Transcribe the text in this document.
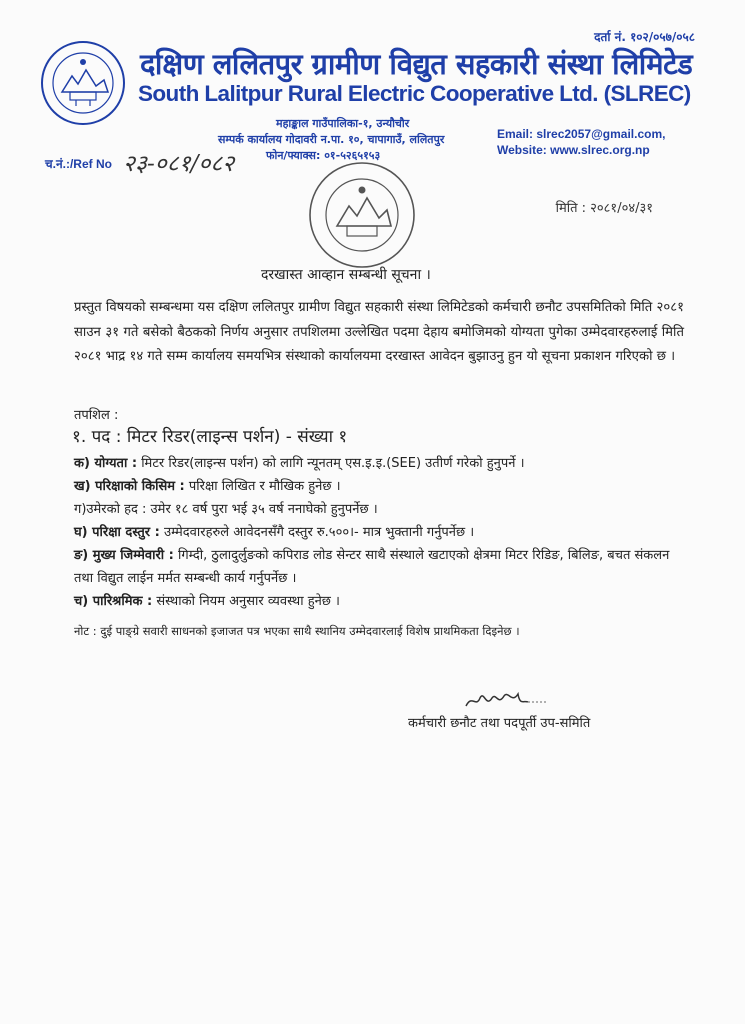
दर्ता नं. १०२/०५७/०५८
दक्षिण ललितपुर ग्रामीण विद्युत सहकारी संस्था लिमिटेड
South Lalitpur Rural Electric Cooperative Ltd. (SLREC)
महाङ्काल गाउँपालिका-१, उन्यौचौर
सम्पर्क कार्यालय गोदावरी न.पा. १०, चापागाउँ, ललितपुर
फोन/फ्याक्स: ०१-५२६५१५३
Email: slrec2057@gmail.com,
Website: www.slrec.org.np
च.नं.:/Ref No २३-०८१/०८२
मिति : २०८१/०४/३१
दरखास्त आव्हान सम्बन्धी सूचना ।
प्रस्तुत विषयको सम्बन्धमा यस दक्षिण ललितपुर ग्रामीण विद्युत सहकारी संस्था लिमिटेडको कर्मचारी छनौट उपसमितिको मिति २०८१ साउन ३१ गते बसेको बैठकको निर्णय अनुसार तपशिलमा उल्लेखित पदमा देहाय बमोजिमको योग्यता पुगेका उम्मेदवारहरुलाई मिति २०८१ भाद्र १४ गते सम्म कार्यालय समयभित्र संस्थाको कार्यालयमा दरखास्त आवेदन बुझाउनु हुन यो सूचना प्रकाशन गरिएको छ ।
तपशिल :
१. पद : मिटर रिडर(लाइन्स पर्शन) - संख्या १
क) योग्यता : मिटर रिडर(लाइन्स पर्शन) को लागि न्यूनतम् एस.इ.इ.(SEE) उतीर्ण गरेको हुनुपर्ने ।
ख) परिक्षाको किसिम : परिक्षा लिखित र मौखिक हुनेछ ।
ग)उमेरको हद : उमेर १८ वर्ष पुरा भई ३५ वर्ष ननाघेको हुनुपर्नेछ ।
घ) परिक्षा दस्तुर : उम्मेदवारहरुले आवेदनसँगै दस्तुर रु.५००।- मात्र भुक्तानी गर्नुपर्नेछ ।
ङ) मुख्य जिम्मेवारी : गिम्दी, ठुलादुर्लुङको कपिराड लोड सेन्टर साथै संस्थाले खटाएको क्षेत्रमा मिटर रिडिङ, बिलिङ, बचत संकलन तथा विद्युत लाईन मर्मत सम्बन्धी कार्य गर्नुपर्नेछ ।
च) पारिश्रमिक : संस्थाको नियम अनुसार व्यवस्था हुनेछ ।
नोट : दुई पाङ्ग्रे सवारी साधनको इजाजत पत्र भएका साथै स्थानिय उम्मेदवारलाई विशेष प्राथमिकता दिइनेछ ।
कर्मचारी छनौट तथा पदपूर्ती उप-समिति
